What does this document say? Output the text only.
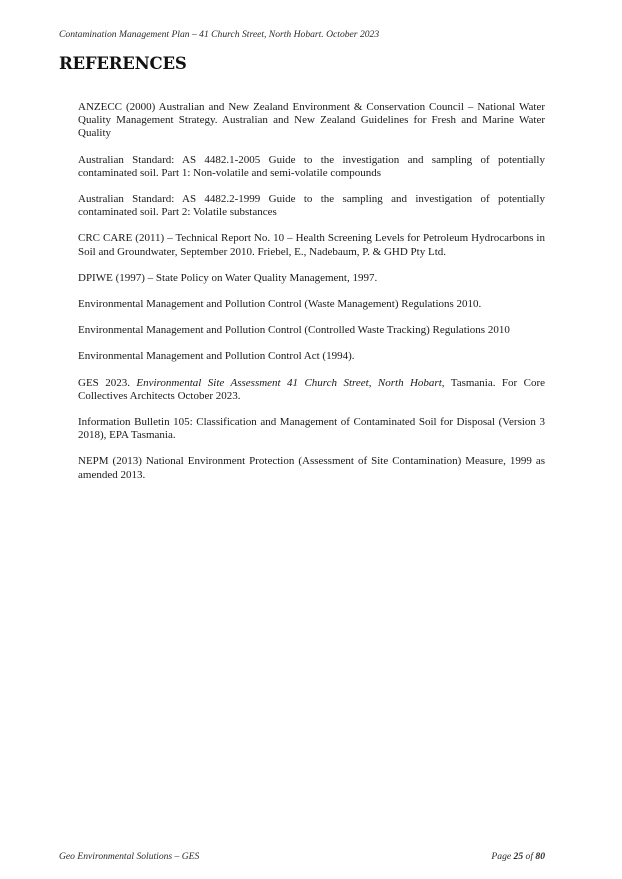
Contamination Management Plan – 41 Church Street, North Hobart. October 2023
REFERENCES
ANZECC (2000) Australian and New Zealand Environment & Conservation Council – National Water Quality Management Strategy. Australian and New Zealand Guidelines for Fresh and Marine Water Quality
Australian Standard: AS 4482.1-2005 Guide to the investigation and sampling of potentially contaminated soil. Part 1: Non-volatile and semi-volatile compounds
Australian Standard: AS 4482.2-1999 Guide to the sampling and investigation of potentially contaminated soil. Part 2: Volatile substances
CRC CARE (2011) – Technical Report No. 10 – Health Screening Levels for Petroleum Hydrocarbons in Soil and Groundwater, September 2010. Friebel, E., Nadebaum, P. & GHD Pty Ltd.
DPIWE (1997) – State Policy on Water Quality Management, 1997.
Environmental Management and Pollution Control (Waste Management) Regulations 2010.
Environmental Management and Pollution Control (Controlled Waste Tracking) Regulations 2010
Environmental Management and Pollution Control Act (1994).
GES 2023. Environmental Site Assessment 41 Church Street, North Hobart, Tasmania. For Core Collectives Architects October 2023.
Information Bulletin 105: Classification and Management of Contaminated Soil for Disposal (Version 3 2018), EPA Tasmania.
NEPM (2013) National Environment Protection (Assessment of Site Contamination) Measure, 1999 as amended 2013.
Geo Environmental Solutions – GES	Page 25 of 80
